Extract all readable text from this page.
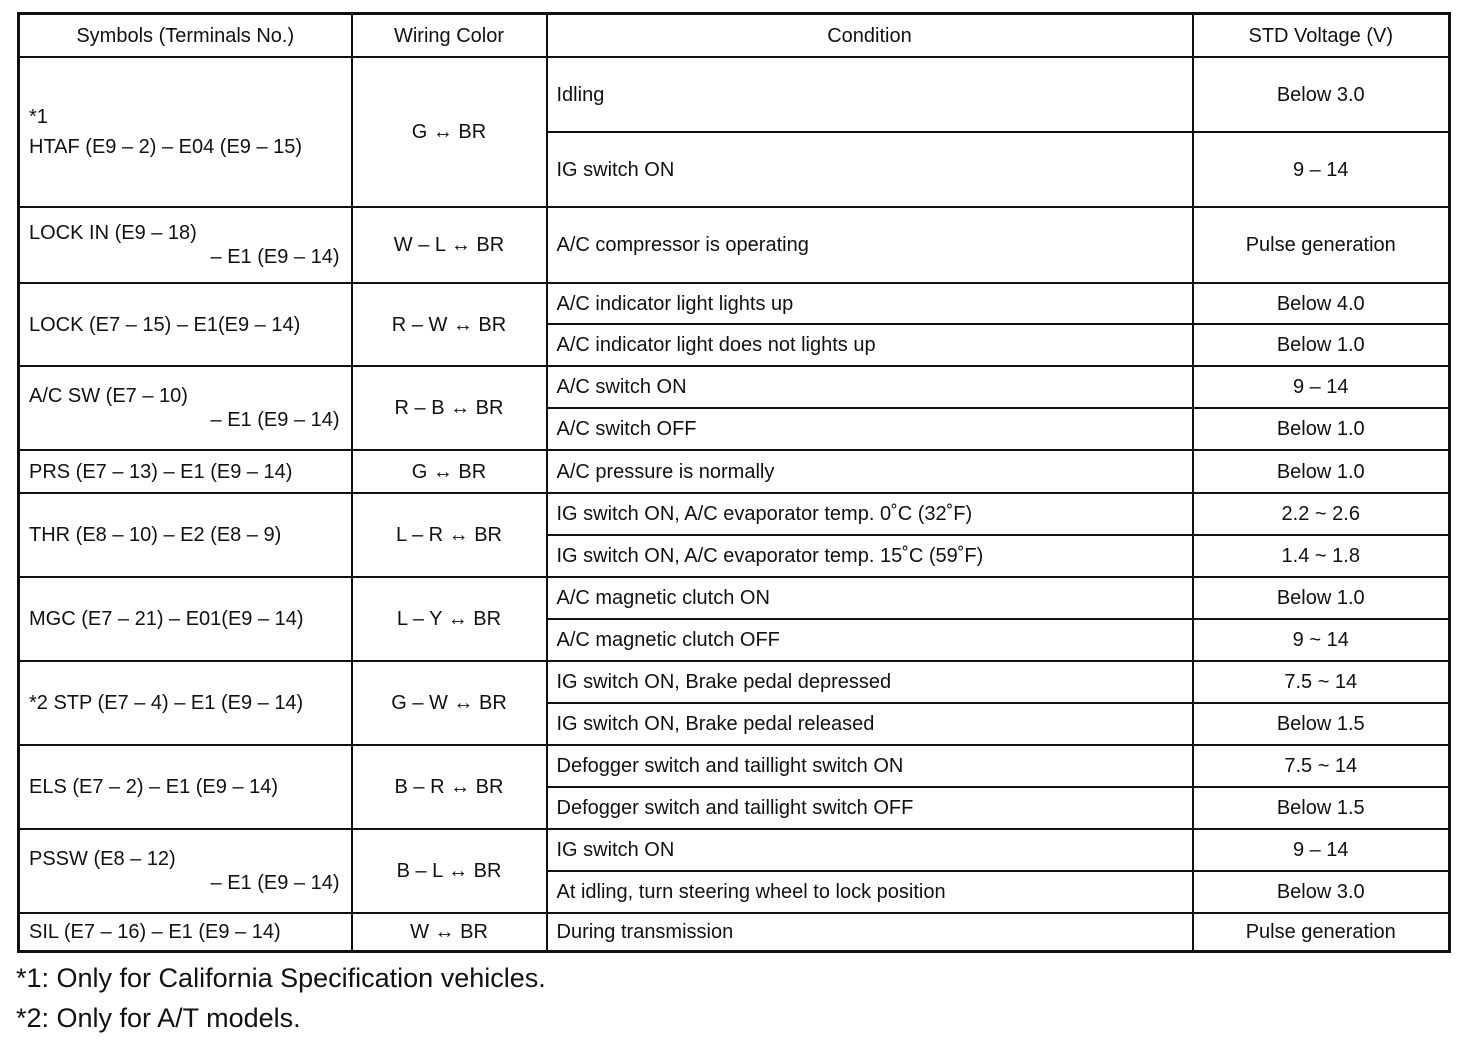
Symbols (Terminals No.)	Wiring Color	Condition	STD Voltage (V)

*1
HTAF (E9 – 2) – E04 (E9 – 15)	G ↔ BR	Idling	Below 3.0
		IG switch ON	9 – 14

LOCK IN (E9 – 18)
– E1 (E9 – 14)	W – L ↔ BR	A/C compressor is operating	Pulse generation

LOCK (E7 – 15) – E1(E9 – 14)	R – W ↔ BR	A/C indicator light lights up	Below 4.0
		A/C indicator light does not lights up	Below 1.0

A/C SW (E7 – 10)
– E1 (E9 – 14)	R – B ↔ BR	A/C switch ON	9 – 14
		A/C switch OFF	Below 1.0

PRS (E7 – 13) – E1 (E9 – 14)	G ↔ BR	A/C pressure is normally	Below 1.0

THR (E8 – 10) – E2 (E8 – 9)	L – R ↔ BR	IG switch ON, A/C evaporator temp. 0˚C (32˚F)	2.2 ~ 2.6
		IG switch ON, A/C evaporator temp. 15˚C (59˚F)	1.4 ~ 1.8

MGC (E7 – 21) – E01(E9 – 14)	L – Y ↔ BR	A/C magnetic clutch ON	Below 1.0
		A/C magnetic clutch OFF	9 ~ 14

*2 STP (E7 – 4) – E1 (E9 – 14)	G – W ↔ BR	IG switch ON, Brake pedal depressed	7.5 ~ 14
		IG switch ON, Brake pedal released	Below 1.5

ELS (E7 – 2) – E1 (E9 – 14)	B – R ↔ BR	Defogger switch and taillight switch ON	7.5 ~ 14
		Defogger switch and taillight switch OFF	Below 1.5

PSSW (E8 – 12)
– E1 (E9 – 14)	B – L ↔ BR	IG switch ON	9 – 14
		At idling, turn steering wheel to lock position	Below 3.0

SIL (E7 – 16) – E1 (E9 – 14)	W ↔ BR	During transmission	Pulse generation
*1: Only for California Specification vehicles.
*2: Only for A/T models.
